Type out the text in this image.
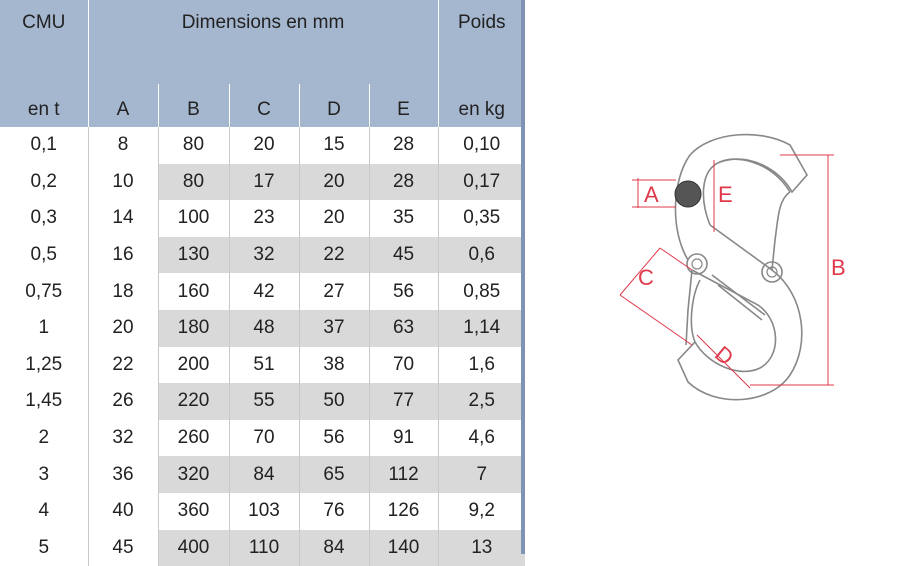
CMU	Dimensions en mm					Poids
en t	A	B	C	D	E	en kg
0,1	8	80	20	15	28	0,10
0,2	10	80	17	20	28	0,17
0,3	14	100	23	20	35	0,35
0,5	16	130	32	22	45	0,6
0,75	18	160	42	27	56	0,85
1	20	180	48	37	63	1,14
1,25	22	200	51	38	70	1,6
1,45	26	220	55	50	77	2,5
2	32	260	70	56	91	4,6
3	36	320	84	65	112	7
4	40	360	103	76	126	9,2
5	45	400	110	84	140	13
A
B
C
D
E
